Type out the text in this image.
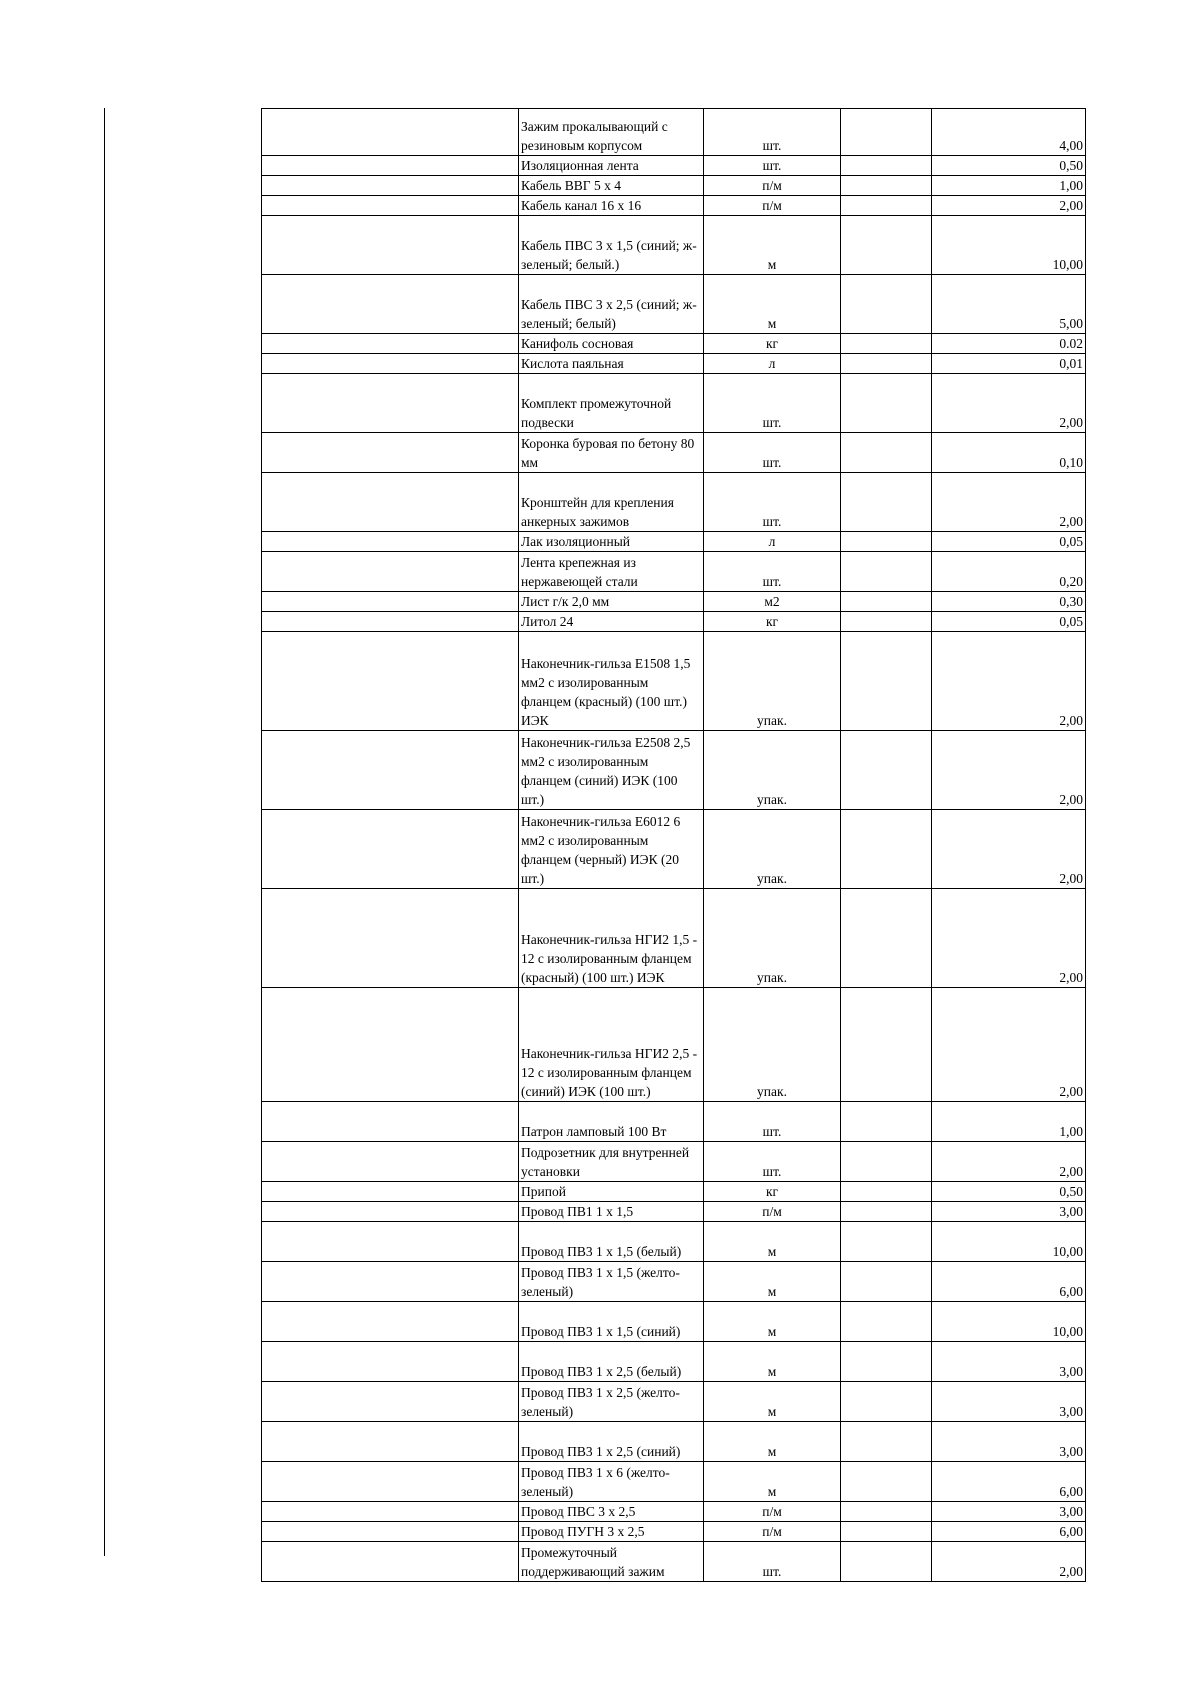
	Зажим прокалывающий с резиновым корпусом	шт.		4,00
	Изоляционная лента	шт.		0,50
	Кабель ВВГ 5 х 4	п/м		1,00
	Кабель канал 16 х 16	п/м		2,00
	Кабель ПВС 3 х 1,5 (синий; ж-зеленый; белый.)	м		10,00
	Кабель ПВС 3 х 2,5 (синий; ж-зеленый; белый)	м		5,00
	Канифоль сосновая	кг		0.02
	Кислота паяльная	л		0,01
	Комплект промежуточной подвески	шт.		2,00
	Коронка буровая по бетону 80 мм	шт.		0,10
	Кронштейн для крепления анкерных зажимов	шт.		2,00
	Лак изоляционный	л		0,05
	Лента крепежная из нержавеющей стали	шт.		0,20
	Лист г/к 2,0 мм	м2		0,30
	Литол 24	кг		0,05
	Наконечник-гильза Е1508 1,5 мм2 с изолированным фланцем (красный) (100 шт.) ИЭК	упак.		2,00
	Наконечник-гильза Е2508 2,5 мм2 с изолированным фланцем (синий) ИЭК (100 шт.)	упак.		2,00
	Наконечник-гильза Е6012 6 мм2 с изолированным фланцем (черный) ИЭК (20 шт.)	упак.		2,00
	Наконечник-гильза НГИ2 1,5 - 12 с изолированным фланцем (красный) (100 шт.) ИЭК	упак.		2,00
	Наконечник-гильза НГИ2 2,5 - 12 с изолированным фланцем (синий) ИЭК (100 шт.)	упак.		2,00
	Патрон ламповый 100 Вт	шт.		1,00
	Подрозетник для внутренней установки	шт.		2,00
	Припой	кг		0,50
	Провод ПВ1 1 х 1,5	п/м		3,00
	Провод ПВ3 1 х 1,5 (белый)	м		10,00
	Провод ПВ3 1 х 1,5 (желто-зеленый)	м		6,00
	Провод ПВ3 1 х 1,5 (синий)	м		10,00
	Провод ПВ3 1 х 2,5 (белый)	м		3,00
	Провод ПВ3 1 х 2,5 (желто-зеленый)	м		3,00
	Провод ПВ3 1 х 2,5 (синий)	м		3,00
	Провод ПВ3 1 х 6 (желто-зеленый)	м		6,00
	Провод ПВС 3 х 2,5	п/м		3,00
	Провод ПУГН 3 х 2,5	п/м		6,00
	Промежуточный поддерживающий зажим	шт.		2,00
